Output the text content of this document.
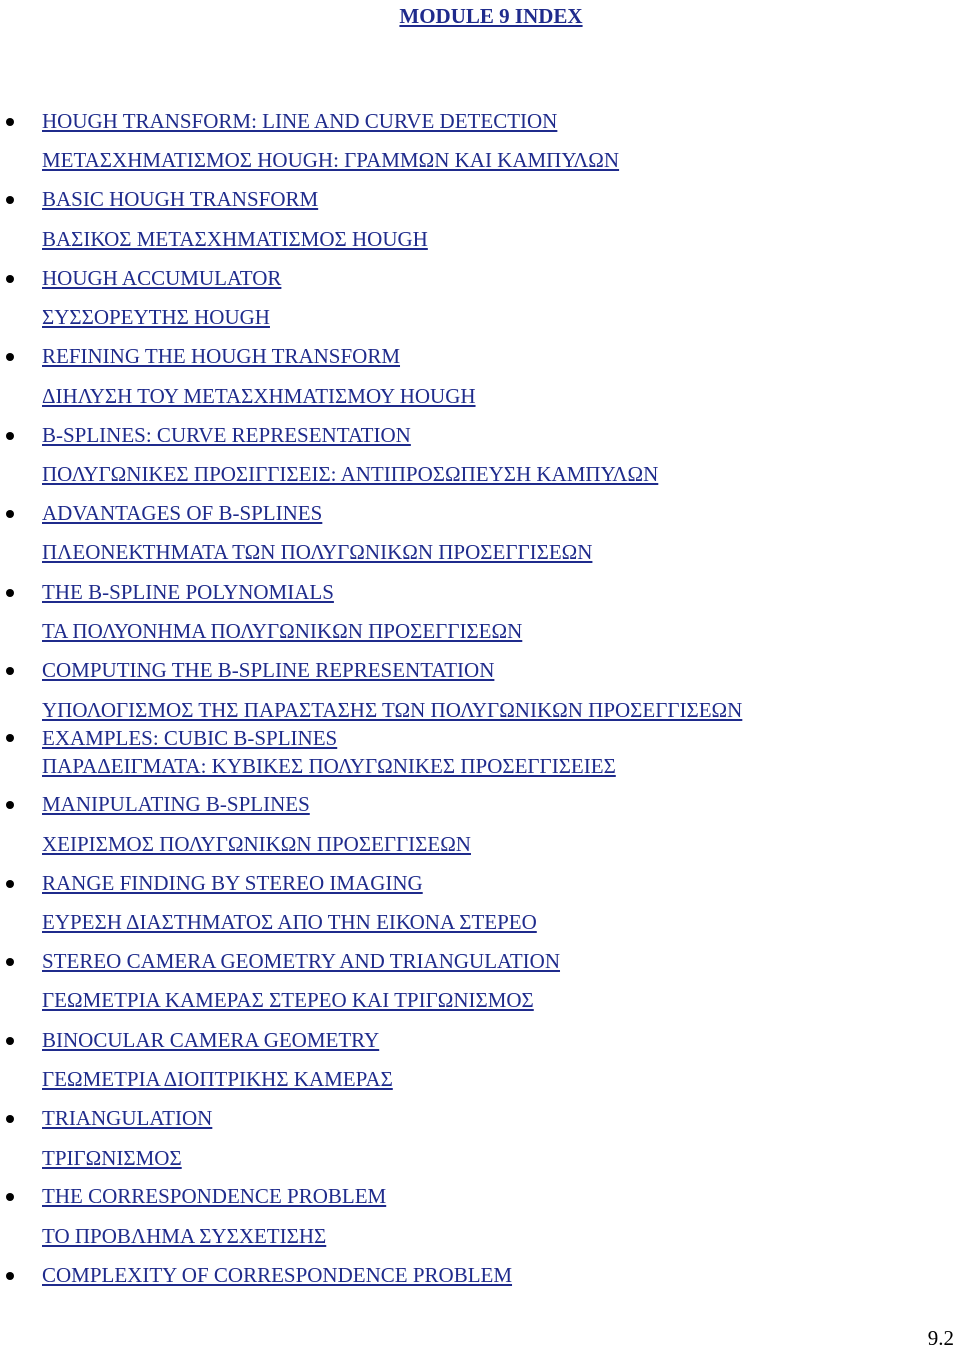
MODULE 9 INDEX
HOUGH TRANSFORM: LINE AND CURVE DETECTION
ΜΕΤΑΣΧΗΜΑΤΙΣΜΟΣ HOUGH: ΓΡΑΜΜΩΝ ΚΑΙ ΚΑΜΠΥΛΩΝ
BASIC HOUGH TRANSFORM
ΒΑΣΙΚΟΣ ΜΕΤΑΣΧΗΜΑΤΙΣΜΟΣ HOUGH
HOUGH ACCUMULATOR
ΣΥΣΣΟΡΕΥΤΗΣ HOUGH
REFINING THE HOUGH TRANSFORM
ΔΙΗΛΥΣΗ ΤΟΥ ΜΕΤΑΣΧΗΜΑΤΙΣΜΟΥ HOUGH
B-SPLINES: CURVE REPRESENTATION
ΠΟΛΥΓΩΝΙΚΕΣ ΠΡΟΣΙΓΓΙΣΕΙΣ: ΑΝΤΙΠΡΟΣΩΠΕΥΣΗ ΚΑΜΠΥΛΩΝ
ADVANTAGES OF B-SPLINES
ΠΛΕΟΝΕΚΤΗΜΑΤΑ ΤΩΝ ΠΟΛΥΓΩΝΙΚΩΝ ΠΡΟΣΕΓΓΙΣΕΩΝ
THE B-SPLINE POLYNOMIALS
ΤΑ ΠΟΛΥΟΝΗΜΑ ΠΟΛΥΓΩΝΙΚΩΝ ΠΡΟΣΕΓΓΙΣΕΩΝ
COMPUTING THE B-SPLINE REPRESENTATION
ΥΠΟΛΟΓΙΣΜΟΣ ΤΗΣ ΠΑΡΑΣΤΑΣΗΣ ΤΩΝ ΠΟΛΥΓΩΝΙΚΩΝ ΠΡΟΣΕΓΓΙΣΕΩΝ
EXAMPLES: CUBIC B-SPLINES
ΠΑΡΑΔΕΙΓΜΑΤΑ: ΚΥΒΙΚΕΣ ΠΟΛΥΓΩΝΙΚΕΣ ΠΡΟΣΕΓΓΙΣΕΙΕΣ
MANIPULATING B-SPLINES
ΧΕΙΡΙΣΜΟΣ ΠΟΛΥΓΩΝΙΚΩΝ ΠΡΟΣΕΓΓΙΣΕΩΝ
RANGE FINDING BY STEREO IMAGING
ΕΥΡΕΣΗ ΔΙΑΣΤΗΜΑΤΟΣ ΑΠΟ ΤΗΝ ΕΙΚΟΝΑ ΣΤΕΡΕΟ
STEREO CAMERA GEOMETRY AND TRIANGULATION
ΓΕΩΜΕΤΡΙΑ ΚΑΜΕΡΑΣ ΣΤΕΡΕΟ ΚΑΙ ΤΡΙΓΩΝΙΣΜΟΣ
BINOCULAR CAMERA GEOMETRY
ΓΕΩΜΕΤΡΙΑ ΔΙΟΠΤΡΙΚΗΣ ΚΑΜΕΡΑΣ
TRIANGULATION
ΤΡΙΓΩΝΙΣΜΟΣ
THE CORRESPONDENCE PROBLEM
ΤΟ ΠΡΟΒΛΗΜΑ ΣΥΣΧΕΤΙΣΗΣ
COMPLEXITY OF CORRESPONDENCE PROBLEM
9.2
